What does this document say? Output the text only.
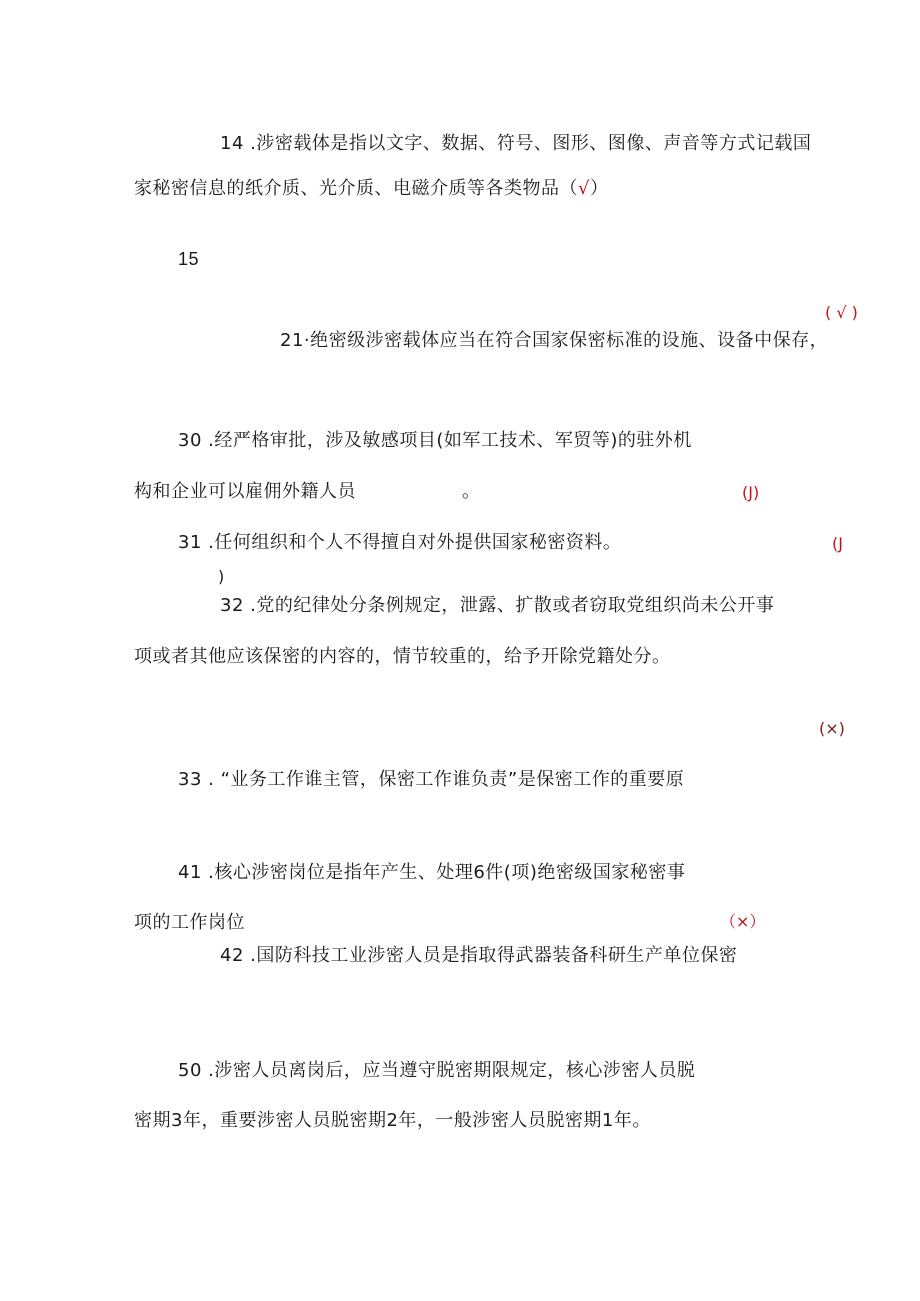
14 .涉密载体是指以文字、数据、符号、图形、图像、声音等方式记载国
家秘密信息的纸介质、光介质、电磁介质等各类物品（√）
15
( √ )
21·绝密级涉密载体应当在符合国家保密标准的设施、设备中保存，
30 .经严格审批，涉及敏感项目(如军工技术、军贸等)的驻外机
构和企业可以雇佣外籍人员	。	(J)
31 .任何组织和个人不得擅自对外提供国家秘密资料。	(J
)
32 .党的纪律处分条例规定，泄露、扩散或者窃取党组织尚未公开事
项或者其他应该保密的内容的，情节较重的，给予开除党籍处分。
(×)
33 . “业务工作谁主管，保密工作谁负责”是保密工作的重要原
41 .核心涉密岗位是指年产生、处理6件(项)绝密级国家秘密事
项的工作岗位	（×）
42 .国防科技工业涉密人员是指取得武器装备科研生产单位保密
50 .涉密人员离岗后，应当遵守脱密期限规定，核心涉密人员脱
密期3年，重要涉密人员脱密期2年，一般涉密人员脱密期1年。
